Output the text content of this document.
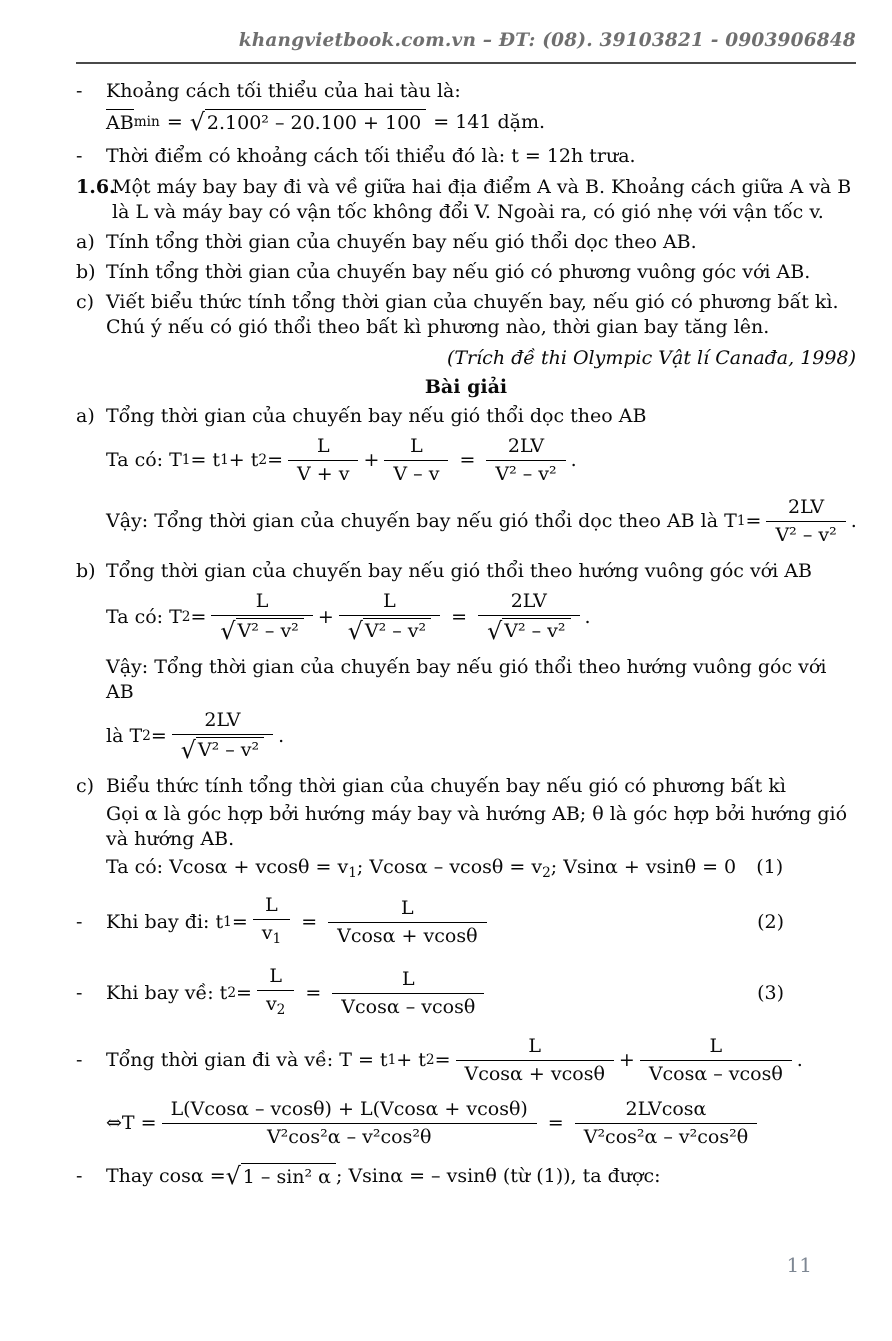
khangvietbook.com.vn – ĐT: (08). 39103821 - 0903906848
-	Khoảng cách tối thiểu của hai tàu là:
AB min = √ 2.100² – 20.100 + 100 = 141 dặm.
-	Thời điểm có khoảng cách tối thiểu đó là: t = 12h trưa.
1.6.
Một máy bay bay đi và về giữa hai địa điểm A và B. Khoảng cách giữa A và B là L và máy bay có vận tốc không đổi V. Ngoài ra, có gió nhẹ với vận tốc v.
a) Tính tổng thời gian của chuyến bay nếu gió thổi dọc theo AB.
b) Tính tổng thời gian của chuyến bay nếu gió có phương vuông góc với AB.
c) Viết biểu thức tính tổng thời gian của chuyến bay, nếu gió có phương bất kì. Chú ý nếu có gió thổi theo bất kì phương nào, thời gian bay tăng lên.
(Trích đề thi Olympic Vật lí Canađa, 1998)
Bài giải
a) Tổng thời gian của chuyến bay nếu gió thổi dọc theo AB
Ta có: T 1 = t 1 + t $2 = \frac{L}{V + v} + \frac{L}{V - v} = \frac{2LV}{\text{V² – v²}}$ .
Vậy: Tổng thời gian của chuyến bay nếu gió thổi dọc theo AB là T $1 = \frac{2LV}{\text{V² – v²}}$ .
b) Tổng thời gian của chuyến bay nếu gió thổi theo hướng vuông góc với AB
Ta có: T $2 = \frac{L}{\text{√ V² – v²}} + \frac{L}{\text{√ V² – v²}} = \frac{2LV}{\text{√ V² – v²}}$ .
Vậy: Tổng thời gian của chuyến bay nếu gió thổi theo hướng vuông góc với AB
là T $2 = \frac{2LV}{\text{√ V² – v²}}$ .
c) Biểu thức tính tổng thời gian của chuyến bay nếu gió có phương bất kì
Gọi α là góc hợp bởi hướng máy bay và hướng AB; θ là góc hợp bởi hướng gió và hướng AB.
Ta có: $Vcos\alpha + vcos\theta = v_1$; $Vcos\alpha - vcos\theta = v_2$; Vsinα + vsinθ = 0 (1)
-	Khi bay đi: t $1 = \frac{L}{v_1} = \frac{L}{Vcos\alpha + vcos\theta}$	(2)
-	Khi bay về: t $2 = \frac{L}{v_2} = \frac{L}{Vcos\alpha - vcos\theta}$	(3)
-	Tổng thời gian đi và về: T = t 1 + t $2 = \frac{L}{Vcos\alpha + vcos\theta} + \frac{L}{Vcos\alpha - vcos\theta}$ .
⇔ $T = \frac{L(Vcos\alpha - vcos\theta) + L(Vcos\alpha + vcos\theta)}{\text{V²cos²α – v²cos²θ}} = \frac{2LVcos\alpha}{\text{V²cos²α – v²cos²θ}}$
-	Thay cosα = √ 1 – sin² α ; Vsinα = – vsinθ (từ (1)), ta được:
11
